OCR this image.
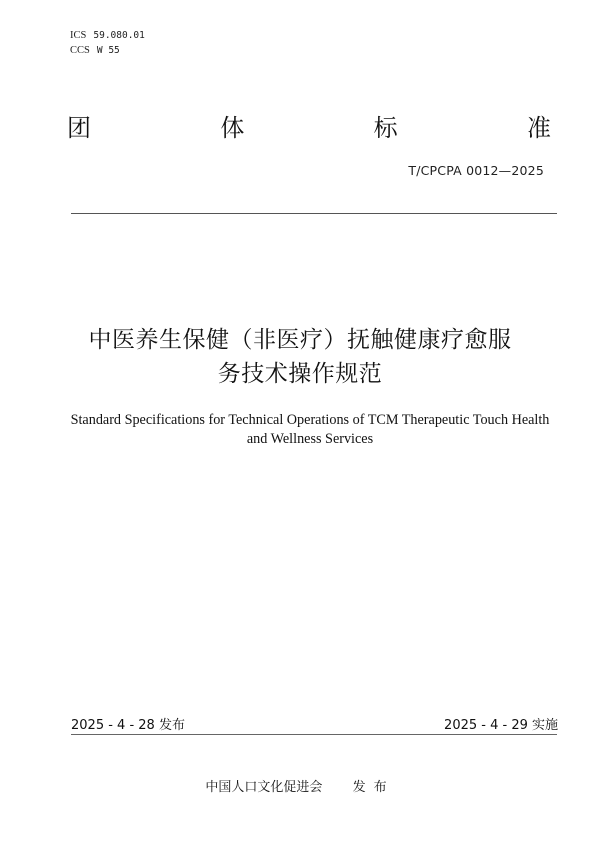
ICS 59.080.01
CCS W 55
团	体	标	准
T/CPCPA 0012—2025
中医养生保健（非医疗）抚触健康疗愈服
务技术操作规范
Standard Specifications for Technical Operations of TCM Therapeutic Touch Health
and Wellness Services
2025 - 4 - 28 发布	2025 - 4 - 29 实施
中国人口文化促进会 发布
